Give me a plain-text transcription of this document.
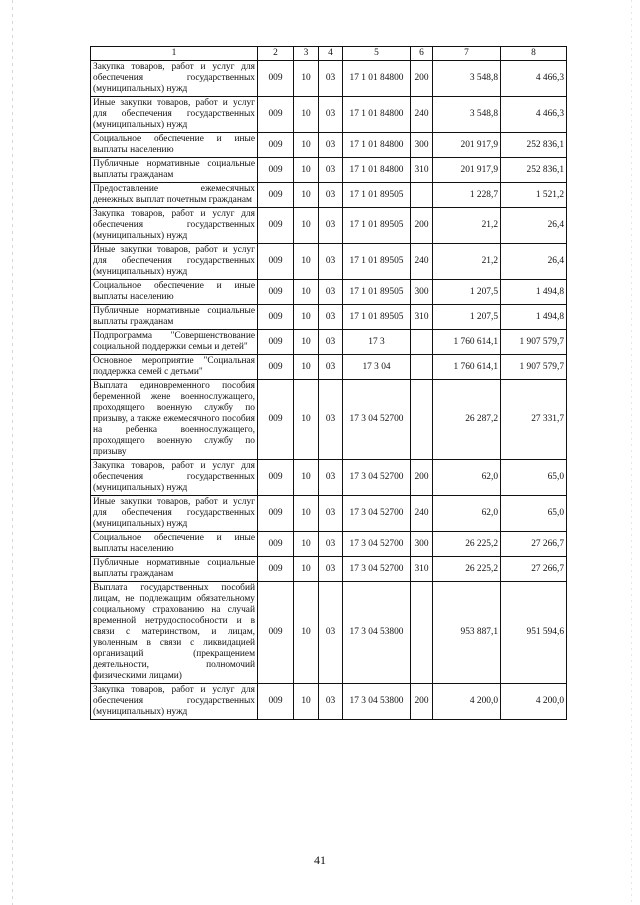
1	2	3	4	5	6	7	8
Закупка товаров, работ и услуг для обеспечения государственных (муниципальных) нужд	009	10	03	17 1 01 84800	200	3 548,8	4 466,3
Иные закупки товаров, работ и услуг для обеспечения государственных (муниципальных) нужд	009	10	03	17 1 01 84800	240	3 548,8	4 466,3
Социальное обеспечение и иные выплаты населению	009	10	03	17 1 01 84800	300	201 917,9	252 836,1
Публичные нормативные социальные выплаты гражданам	009	10	03	17 1 01 84800	310	201 917,9	252 836,1
Предоставление ежемесячных денежных выплат почетным гражданам	009	10	03	17 1 01 89505		1 228,7	1 521,2
Закупка товаров, работ и услуг для обеспечения государственных (муниципальных) нужд	009	10	03	17 1 01 89505	200	21,2	26,4
Иные закупки товаров, работ и услуг для обеспечения государственных (муниципальных) нужд	009	10	03	17 1 01 89505	240	21,2	26,4
Социальное обеспечение и иные выплаты населению	009	10	03	17 1 01 89505	300	1 207,5	1 494,8
Публичные нормативные социальные выплаты гражданам	009	10	03	17 1 01 89505	310	1 207,5	1 494,8
Подпрограмма "Совершенствование социальной поддержки семьи и детей"	009	10	03	17 3		1 760 614,1	1 907 579,7
Основное мероприятие "Социальная поддержка семей с детьми"	009	10	03	17 3 04		1 760 614,1	1 907 579,7
Выплата единовременного пособия беременной жене военнослужащего, проходящего военную службу по призыву, а также ежемесячного пособия на ребенка военнослужащего, проходящего военную службу по призыву	009	10	03	17 3 04 52700		26 287,2	27 331,7
Закупка товаров, работ и услуг для обеспечения государственных (муниципальных) нужд	009	10	03	17 3 04 52700	200	62,0	65,0
Иные закупки товаров, работ и услуг для обеспечения государственных (муниципальных) нужд	009	10	03	17 3 04 52700	240	62,0	65,0
Социальное обеспечение и иные выплаты населению	009	10	03	17 3 04 52700	300	26 225,2	27 266,7
Публичные нормативные социальные выплаты гражданам	009	10	03	17 3 04 52700	310	26 225,2	27 266,7
Выплата государственных пособий лицам, не подлежащим обязательному социальному страхованию на случай временной нетрудоспособности и в связи с материнством, и лицам, уволенным в связи с ликвидацией организаций (прекращением деятельности, полномочий физическими лицами)	009	10	03	17 3 04 53800		953 887,1	951 594,6
Закупка товаров, работ и услуг для обеспечения государственных (муниципальных) нужд	009	10	03	17 3 04 53800	200	4 200,0	4 200,0
41
